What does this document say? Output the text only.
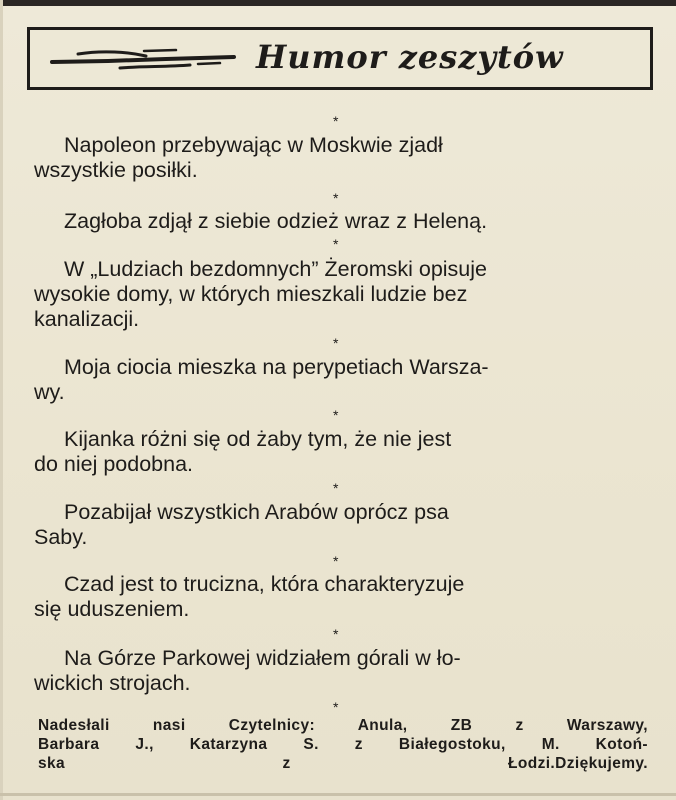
Humor zeszytów
*
Napoleon przebywając w Moskwie zjadł
wszystkie posiłki.
*
Zagłoba zdjął z siebie odzież wraz z Heleną.
*
W „Ludziach bezdomnych” Żeromski opisuje
wysokie domy, w których mieszkali ludzie bez
kanalizacji.
*
Moja ciocia mieszka na perypetiach Warsza-
wy.
*
Kijanka różni się od żaby tym, że nie jest
do niej podobna.
*
Pozabijał wszystkich Arabów oprócz psa
Saby.
*
Czad jest to trucizna, która charakteryzuje
się uduszeniem.
*
Na Górze Parkowej widziałem górali w ło-
wickich strojach.
*
Nadesłali nasi Czytelnicy: Anula, ZB z Warszawy,
Barbara J., Katarzyna S. z Białegostoku, M. Kotoń-
ska z Łodzi. Dziękujemy.
